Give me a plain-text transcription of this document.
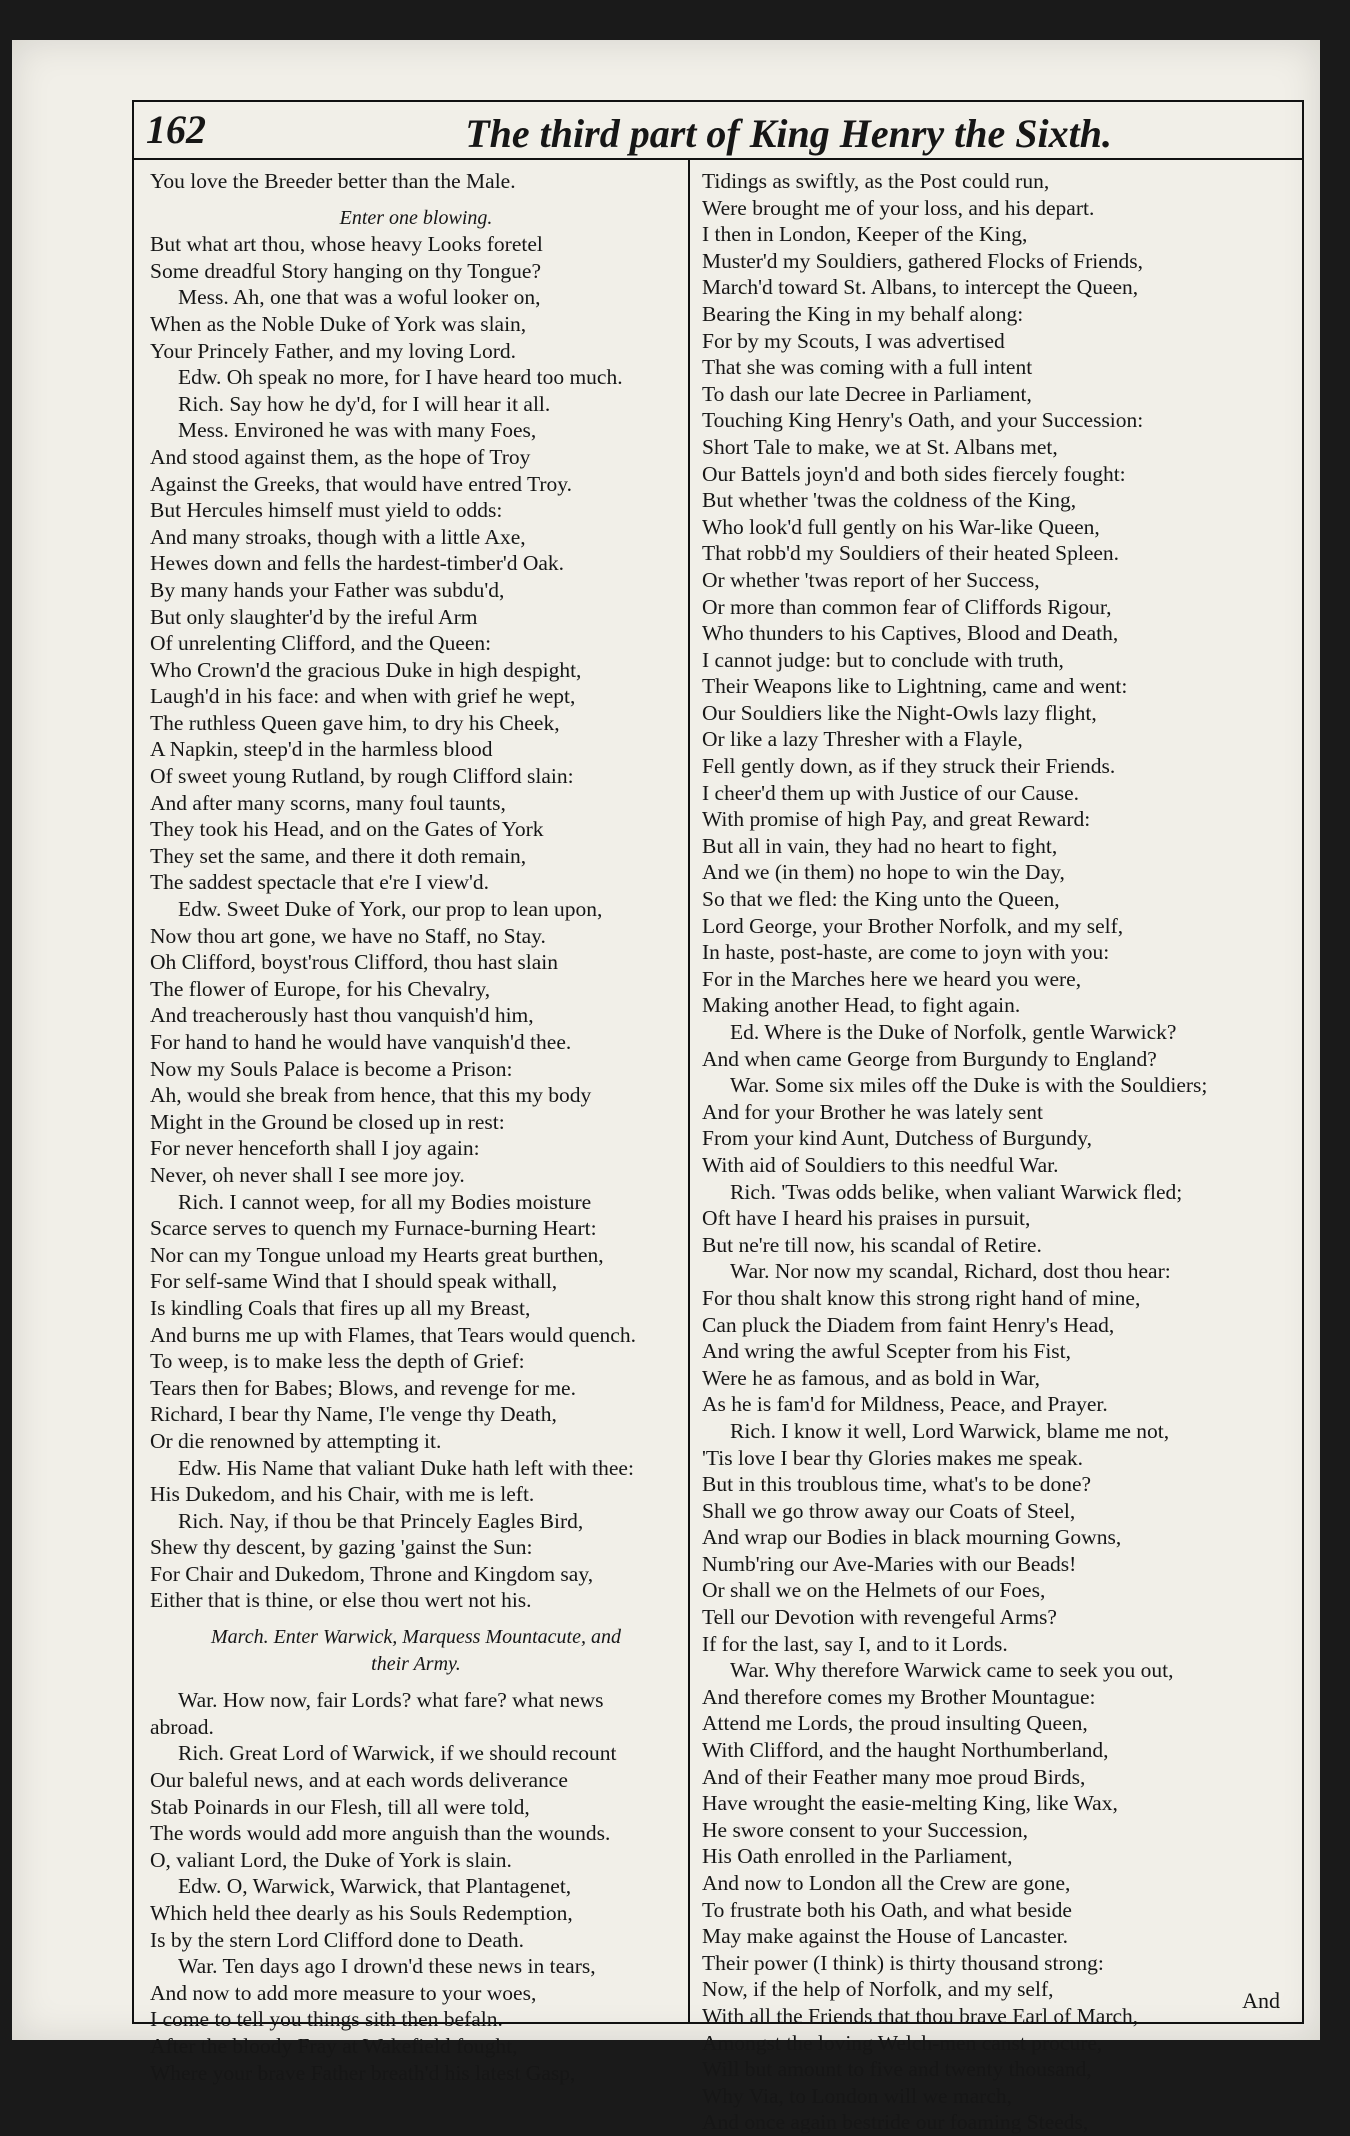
162	The third part of King Henry the Sixth.
You love the Breeder better than the Male.
Enter one blowing.
But what art thou, whose heavy Looks foretel
Some dreadful Story hanging on thy Tongue?
Mess. Ah, one that was a woful looker on,
When as the Noble Duke of York was slain,
Your Princely Father, and my loving Lord.
Edw. Oh speak no more, for I have heard too much.
Rich. Say how he dy'd, for I will hear it all.
Mess. Environed he was with many Foes,
And stood against them, as the hope of Troy
Against the Greeks, that would have entred Troy.
But Hercules himself must yield to odds:
And many stroaks, though with a little Axe,
Hewes down and fells the hardest-timber'd Oak.
By many hands your Father was subdu'd,
But only slaughter'd by the ireful Arm
Of unrelenting Clifford, and the Queen:
Who Crown'd the gracious Duke in high despight,
Laugh'd in his face: and when with grief he wept,
The ruthless Queen gave him, to dry his Cheek,
A Napkin, steep'd in the harmless blood
Of sweet young Rutland, by rough Clifford slain:
And after many scorns, many foul taunts,
They took his Head, and on the Gates of York
They set the same, and there it doth remain,
The saddest spectacle that e're I view'd.
Edw. Sweet Duke of York, our prop to lean upon,
Now thou art gone, we have no Staff, no Stay.
Oh Clifford, boyst'rous Clifford, thou hast slain
The flower of Europe, for his Chevalry,
And treacherously hast thou vanquish'd him,
For hand to hand he would have vanquish'd thee.
Now my Souls Palace is become a Prison:
Ah, would she break from hence, that this my body
Might in the Ground be closed up in rest:
For never henceforth shall I joy again:
Never, oh never shall I see more joy.
Rich. I cannot weep, for all my Bodies moisture
Scarce serves to quench my Furnace-burning Heart:
Nor can my Tongue unload my Hearts great burthen,
For self-same Wind that I should speak withall,
Is kindling Coals that fires up all my Breast,
And burns me up with Flames, that Tears would quench.
To weep, is to make less the depth of Grief:
Tears then for Babes; Blows, and revenge for me.
Richard, I bear thy Name, I'le venge thy Death,
Or die renowned by attempting it.
Edw. His Name that valiant Duke hath left with thee:
His Dukedom, and his Chair, with me is left.
Rich. Nay, if thou be that Princely Eagles Bird,
Shew thy descent, by gazing 'gainst the Sun:
For Chair and Dukedom, Throne and Kingdom say,
Either that is thine, or else thou wert not his.
March. Enter Warwick, Marquess Mountacute, and
their Army.
War. How now, fair Lords? what fare? what news
abroad.
Rich. Great Lord of Warwick, if we should recount
Our baleful news, and at each words deliverance
Stab Poinards in our Flesh, till all were told,
The words would add more anguish than the wounds.
O, valiant Lord, the Duke of York is slain.
Edw. O, Warwick, Warwick, that Plantagenet,
Which held thee dearly as his Souls Redemption,
Is by the stern Lord Clifford done to Death.
War. Ten days ago I drown'd these news in tears,
And now to add more measure to your woes,
I come to tell you things sith then befaln.
After the bloody Fray at Wakefield fought,
Where your brave Father breath'd his latest Gasp,
Tidings as swiftly, as the Post could run,
Were brought me of your loss, and his depart.
I then in London, Keeper of the King,
Muster'd my Souldiers, gathered Flocks of Friends,
March'd toward St. Albans, to intercept the Queen,
Bearing the King in my behalf along:
For by my Scouts, I was advertised
That she was coming with a full intent
To dash our late Decree in Parliament,
Touching King Henry's Oath, and your Succession:
Short Tale to make, we at St. Albans met,
Our Battels joyn'd and both sides fiercely fought:
But whether 'twas the coldness of the King,
Who look'd full gently on his War-like Queen,
That robb'd my Souldiers of their heated Spleen.
Or whether 'twas report of her Success,
Or more than common fear of Cliffords Rigour,
Who thunders to his Captives, Blood and Death,
I cannot judge: but to conclude with truth,
Their Weapons like to Lightning, came and went:
Our Souldiers like the Night-Owls lazy flight,
Or like a lazy Thresher with a Flayle,
Fell gently down, as if they struck their Friends.
I cheer'd them up with Justice of our Cause.
With promise of high Pay, and great Reward:
But all in vain, they had no heart to fight,
And we (in them) no hope to win the Day,
So that we fled: the King unto the Queen,
Lord George, your Brother Norfolk, and my self,
In haste, post-haste, are come to joyn with you:
For in the Marches here we heard you were,
Making another Head, to fight again.
Ed. Where is the Duke of Norfolk, gentle Warwick?
And when came George from Burgundy to England?
War. Some six miles off the Duke is with the Souldiers;
And for your Brother he was lately sent
From your kind Aunt, Dutchess of Burgundy,
With aid of Souldiers to this needful War.
Rich. 'Twas odds belike, when valiant Warwick fled;
Oft have I heard his praises in pursuit,
But ne're till now, his scandal of Retire.
War. Nor now my scandal, Richard, dost thou hear:
For thou shalt know this strong right hand of mine,
Can pluck the Diadem from faint Henry's Head,
And wring the awful Scepter from his Fist,
Were he as famous, and as bold in War,
As he is fam'd for Mildness, Peace, and Prayer.
Rich. I know it well, Lord Warwick, blame me not,
'Tis love I bear thy Glories makes me speak.
But in this troublous time, what's to be done?
Shall we go throw away our Coats of Steel,
And wrap our Bodies in black mourning Gowns,
Numb'ring our Ave-Maries with our Beads!
Or shall we on the Helmets of our Foes,
Tell our Devotion with revengeful Arms?
If for the last, say I, and to it Lords.
War. Why therefore Warwick came to seek you out,
And therefore comes my Brother Mountague:
Attend me Lords, the proud insulting Queen,
With Clifford, and the haught Northumberland,
And of their Feather many moe proud Birds,
Have wrought the easie-melting King, like Wax,
He swore consent to your Succession,
His Oath enrolled in the Parliament,
And now to London all the Crew are gone,
To frustrate both his Oath, and what beside
May make against the House of Lancaster.
Their power (I think) is thirty thousand strong:
Now, if the help of Norfolk, and my self,
With all the Friends that thou brave Earl of March,
Amongst the loving Welch-men canst procure,
Will but amount to five and twenty thousand,
Why Via, to London will we march,
And once again bestride our foaming Steeds,
And
